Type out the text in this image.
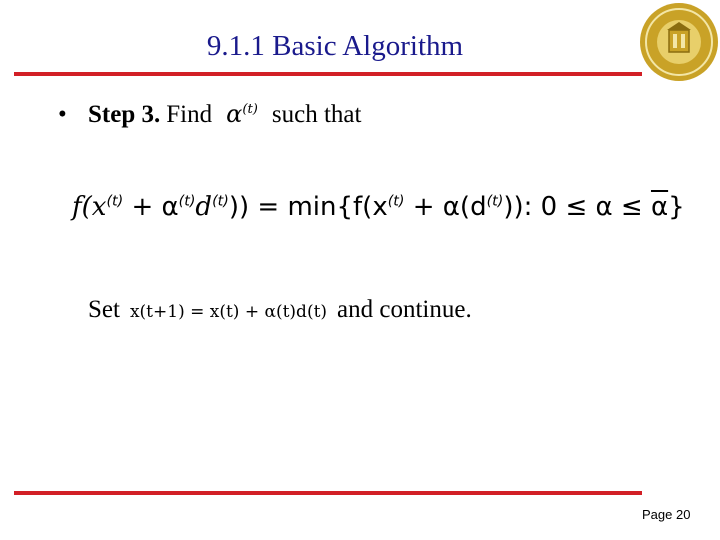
9.1.1 Basic Algorithm
• Step 3. Find $\alpha^{(t)}$ such that
$f(x^{(t)} + \alpha^{(t)}d^{(t)})) = \min\{f(x^{(t)} + \alpha(d^{(t)}))$: $0 \le \alpha \le \overline{\alpha}$}
Set x(t+1) = x(t) + α(t)d(t) and continue.
Page 20
